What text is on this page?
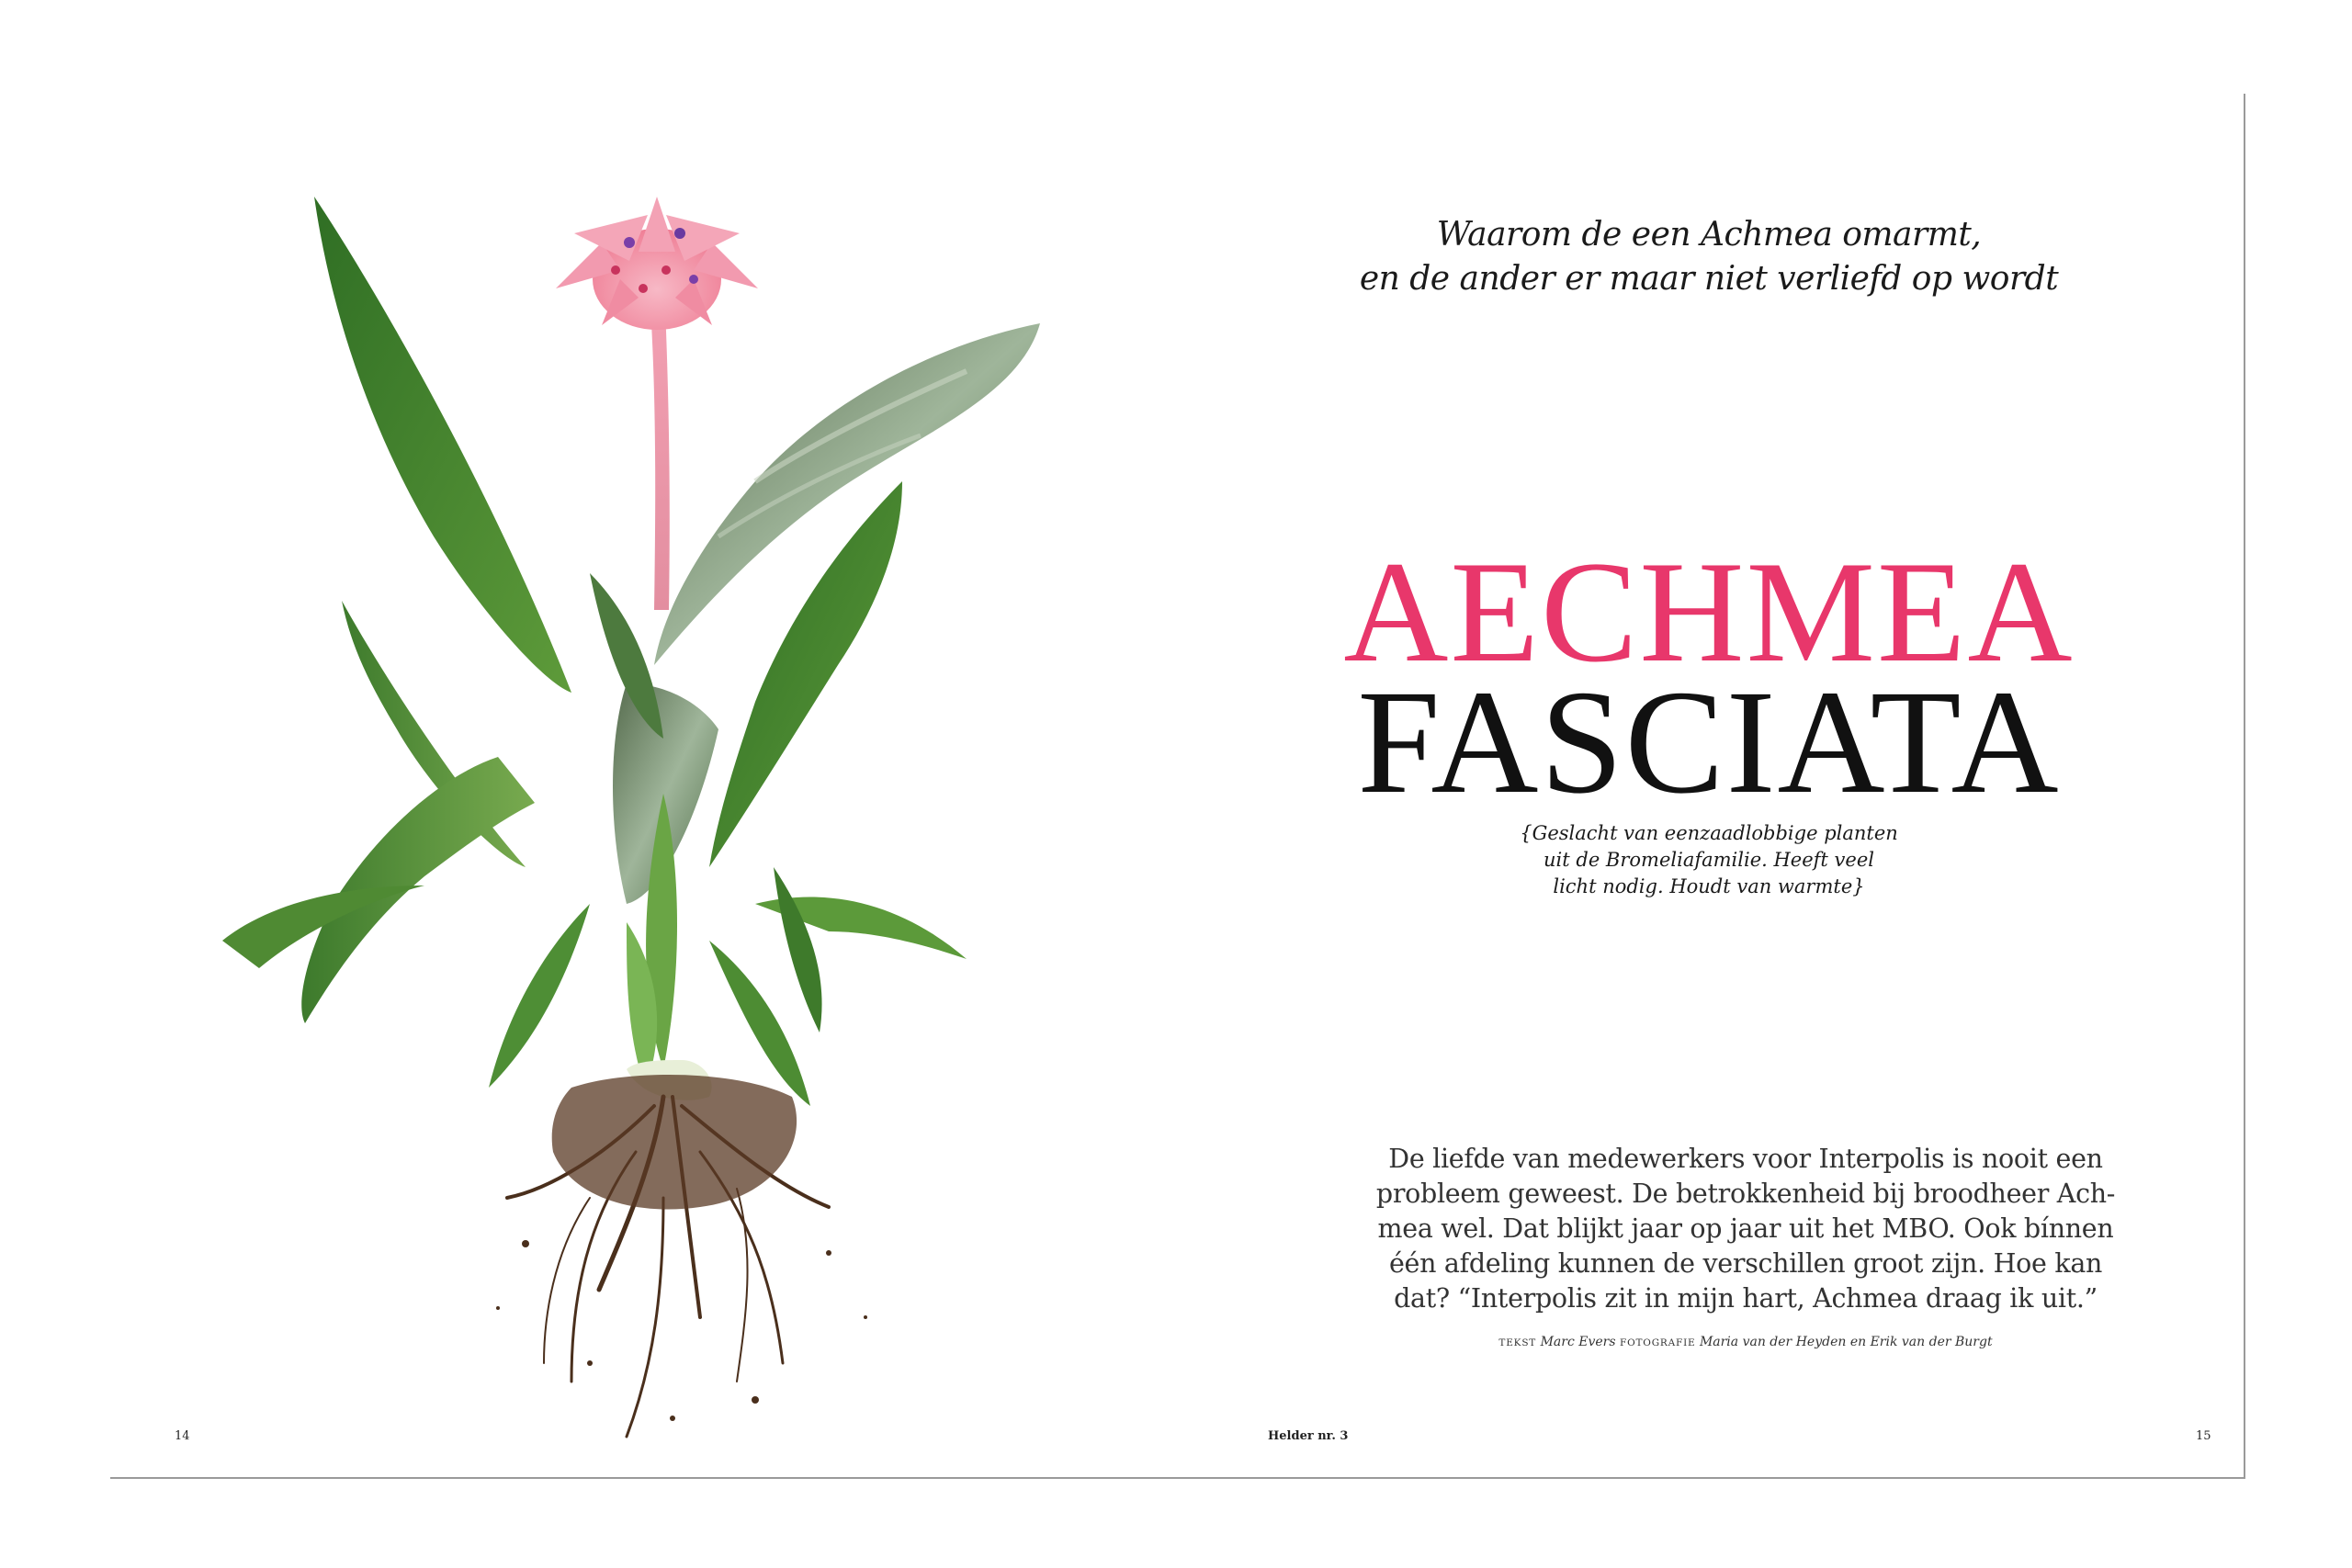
Waarom de een Achmea omarmt,
en de ander er maar niet verliefd op wordt
AECHMEA
FASCIATA
{Geslacht van eenzaadlobbige planten
uit de Bromeliafamilie. Heeft veel
licht nodig. Houdt van warmte}
De liefde van medewerkers voor Interpolis is nooit een
probleem geweest. De betrokkenheid bij broodheer Ach-
mea wel. Dat blijkt jaar op jaar uit het MBO. Ook bínnen
één afdeling kunnen de verschillen groot zijn. Hoe kan
dat? “Interpolis zit in mijn hart, Achmea draag ik uit.”
TEKST Marc Evers FOTOGRAFIE Maria van der Heyden en Erik van der Burgt
14	Helder nr. 3	15
